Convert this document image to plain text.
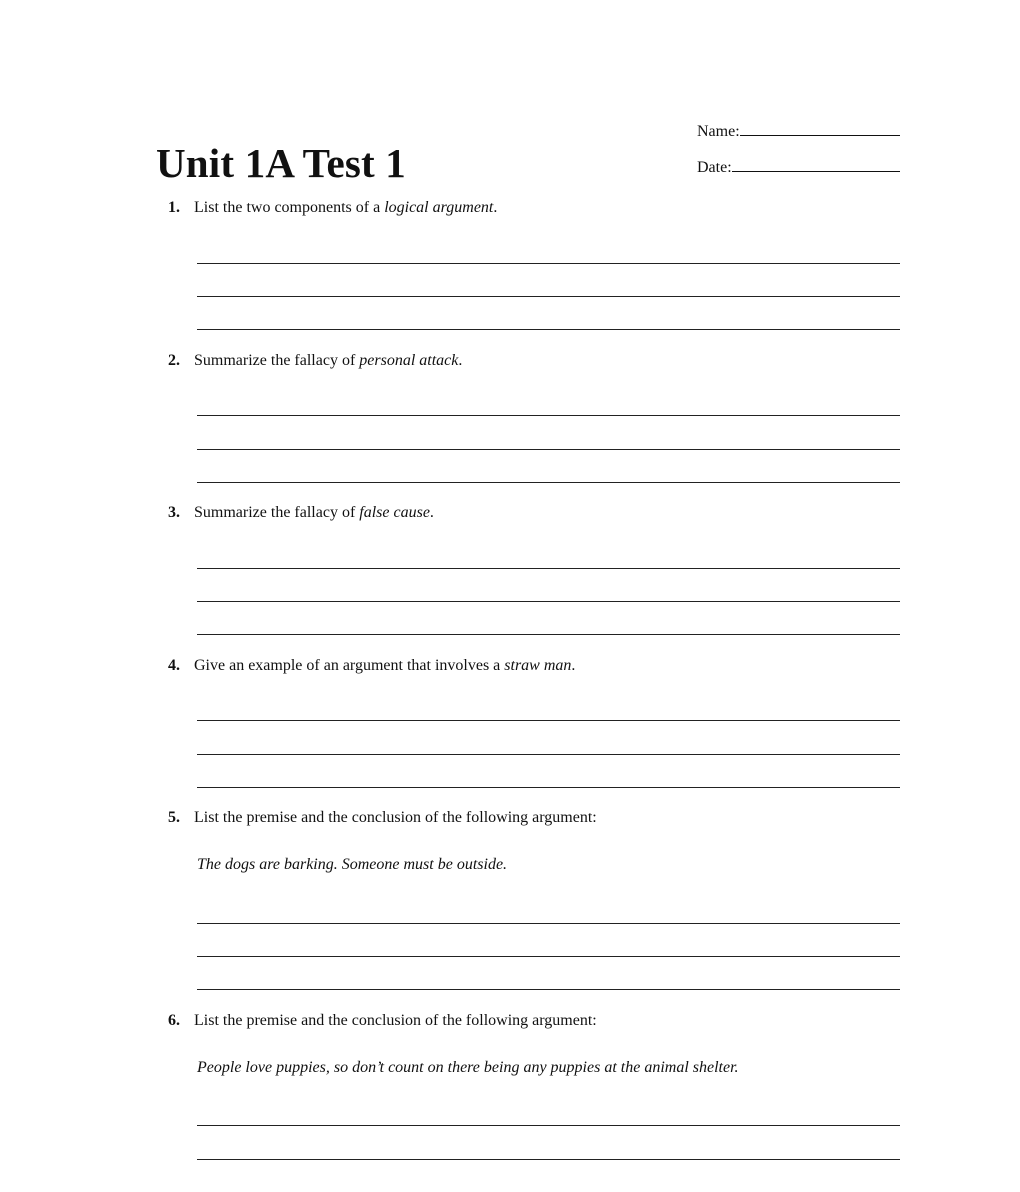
Unit 1A Test 1
Name:
Date:
1. List the two components of a logical argument.
2. Summarize the fallacy of personal attack.
3. Summarize the fallacy of false cause.
4. Give an example of an argument that involves a straw man.
5. List the premise and the conclusion of the following argument:
The dogs are barking. Someone must be outside.
6. List the premise and the conclusion of the following argument:
People love puppies, so don’t count on there being any puppies at the animal shelter.
